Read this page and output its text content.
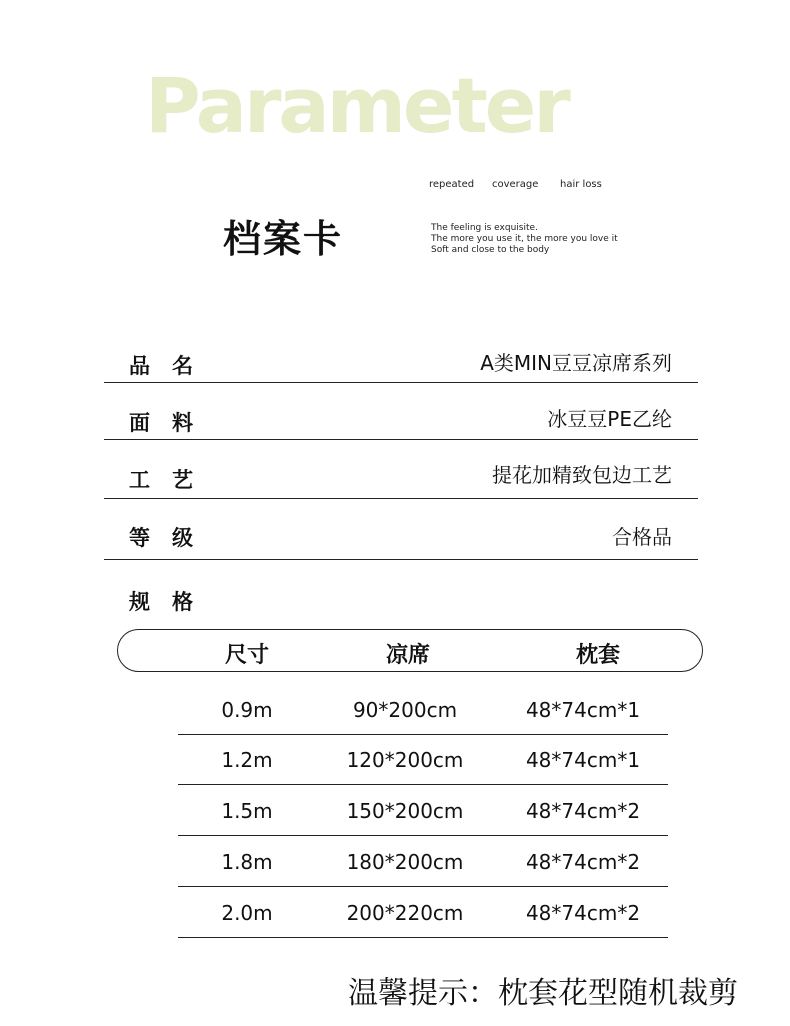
Parameter
档案卡
repeated coverage hair loss
The feeling is exquisite.
The more you use it, the more you love it
Soft and close to the body
品名	A类MIN豆豆凉席系列
面料	冰豆豆PE乙纶
工艺	提花加精致包边工艺
等级	合格品
规格
尺寸	凉席	枕套
0.9m	90*200cm	48*74cm*1
1.2m	120*200cm	48*74cm*1
1.5m	150*200cm	48*74cm*2
1.8m	180*200cm	48*74cm*2
2.0m	200*220cm	48*74cm*2
温馨提示：枕套花型随机裁剪
